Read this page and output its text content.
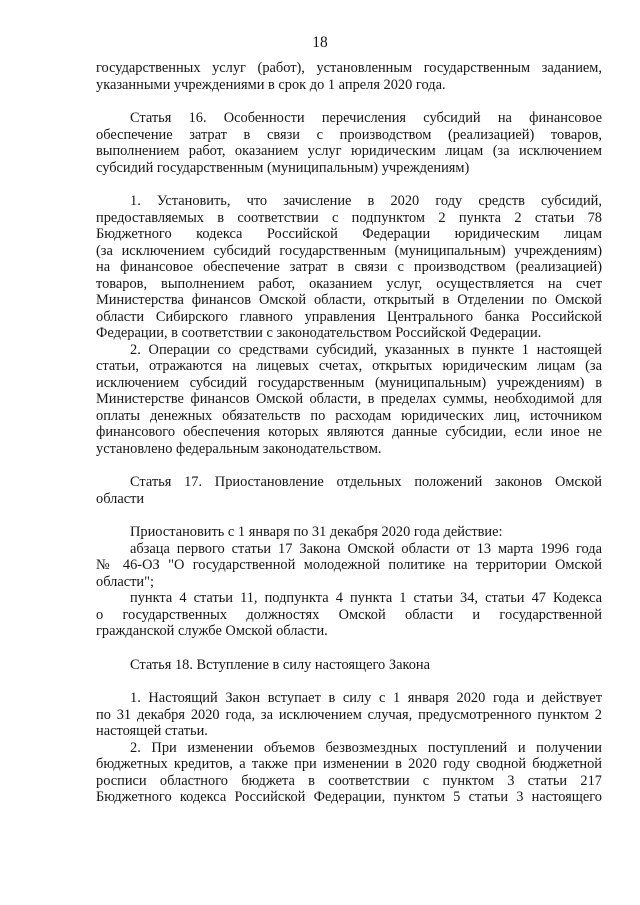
18
государственных услуг (работ), установленным государственным заданием,
указанными учреждениями в срок до 1 апреля 2020 года.
Статья 16. Особенности перечисления субсидий на финансовое
обеспечение затрат в связи с производством (реализацией) товаров,
выполнением работ, оказанием услуг юридическим лицам (за исключением
субсидий государственным (муниципальным) учреждениям)
1. Установить, что зачисление в 2020 году средств субсидий,
предоставляемых в соответствии с подпунктом 2 пункта 2 статьи 78
Бюджетного кодекса Российской Федерации юридическим лицам
(за исключением субсидий государственным (муниципальным) учреждениям)
на финансовое обеспечение затрат в связи с производством (реализацией)
товаров, выполнением работ, оказанием услуг, осуществляется на счет
Министерства финансов Омской области, открытый в Отделении по Омской
области Сибирского главного управления Центрального банка Российской
Федерации, в соответствии с законодательством Российской Федерации.
2. Операции со средствами субсидий, указанных в пункте 1 настоящей
статьи, отражаются на лицевых счетах, открытых юридическим лицам (за
исключением субсидий государственным (муниципальным) учреждениям) в
Министерстве финансов Омской области, в пределах суммы, необходимой для
оплаты денежных обязательств по расходам юридических лиц, источником
финансового обеспечения которых являются данные субсидии, если иное не
установлено федеральным законодательством.
Статья 17. Приостановление отдельных положений законов Омской
области
Приостановить с 1 января по 31 декабря 2020 года действие:
абзаца первого статьи 17 Закона Омской области от 13 марта 1996 года
№ 46-ОЗ "О государственной молодежной политике на территории Омской
области";
пункта 4 статьи 11, подпункта 4 пункта 1 статьи 34, статьи 47 Кодекса
о государственных должностях Омской области и государственной
гражданской службе Омской области.
Статья 18. Вступление в силу настоящего Закона
1. Настоящий Закон вступает в силу с 1 января 2020 года и действует
по 31 декабря 2020 года, за исключением случая, предусмотренного пунктом 2
настоящей статьи.
2. При изменении объемов безвозмездных поступлений и получении
бюджетных кредитов, а также при изменении в 2020 году сводной бюджетной
росписи областного бюджета в соответствии с пунктом 3 статьи 217
Бюджетного кодекса Российской Федерации, пунктом 5 статьи 3 настоящего
